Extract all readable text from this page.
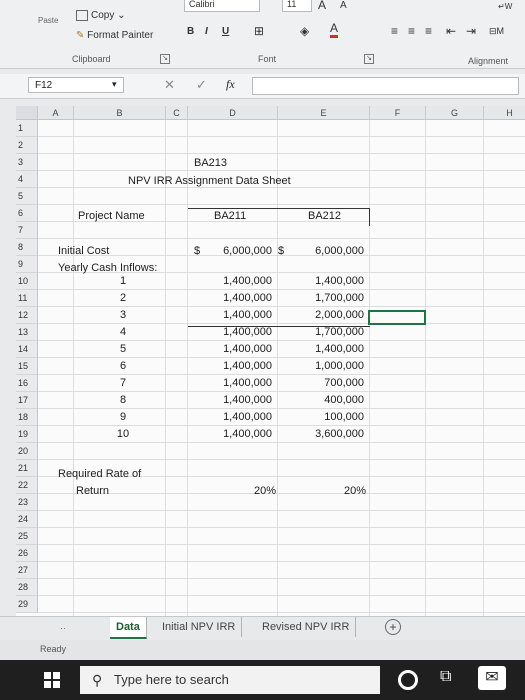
Paste	Copy ⌄
✎ Format Painter
Clipboard	↘
Calibri	11	A A
B I U ⊞	◈ A
Font	↘
≡ ≡ ≡ ⇤ ⇥ ⊟M
↵W
Alignment
F12	▾	✕ ✓ fx
A	B	C	D	E	F	G	H
1
2
3
4
5
6
7
8
9
10
11
12
13
14
15
16
17
18
19
20
21
22
23
24
25
26
27
28
29
BA213
NPV IRR Assignment Data Sheet
Project Name	BA211	BA212
Initial Cost	$	6,000,000 $	6,000,000
Yearly Cash Inflows:
1	1,400,000	1,400,000
2	1,400,000	1,700,000
3	1,400,000	2,000,000
4	1,400,000	1,700,000
5	1,400,000	1,400,000
6	1,400,000	1,000,000
7	1,400,000	700,000
8	1,400,000	400,000
9	1,400,000	100,000
10	1,400,000	3,600,000
Required Rate of
Return	20%	20%
‥	Data	Initial NPV IRR	Revised NPV IRR	+
Ready
⚲ Type here to search	⧉	✉
